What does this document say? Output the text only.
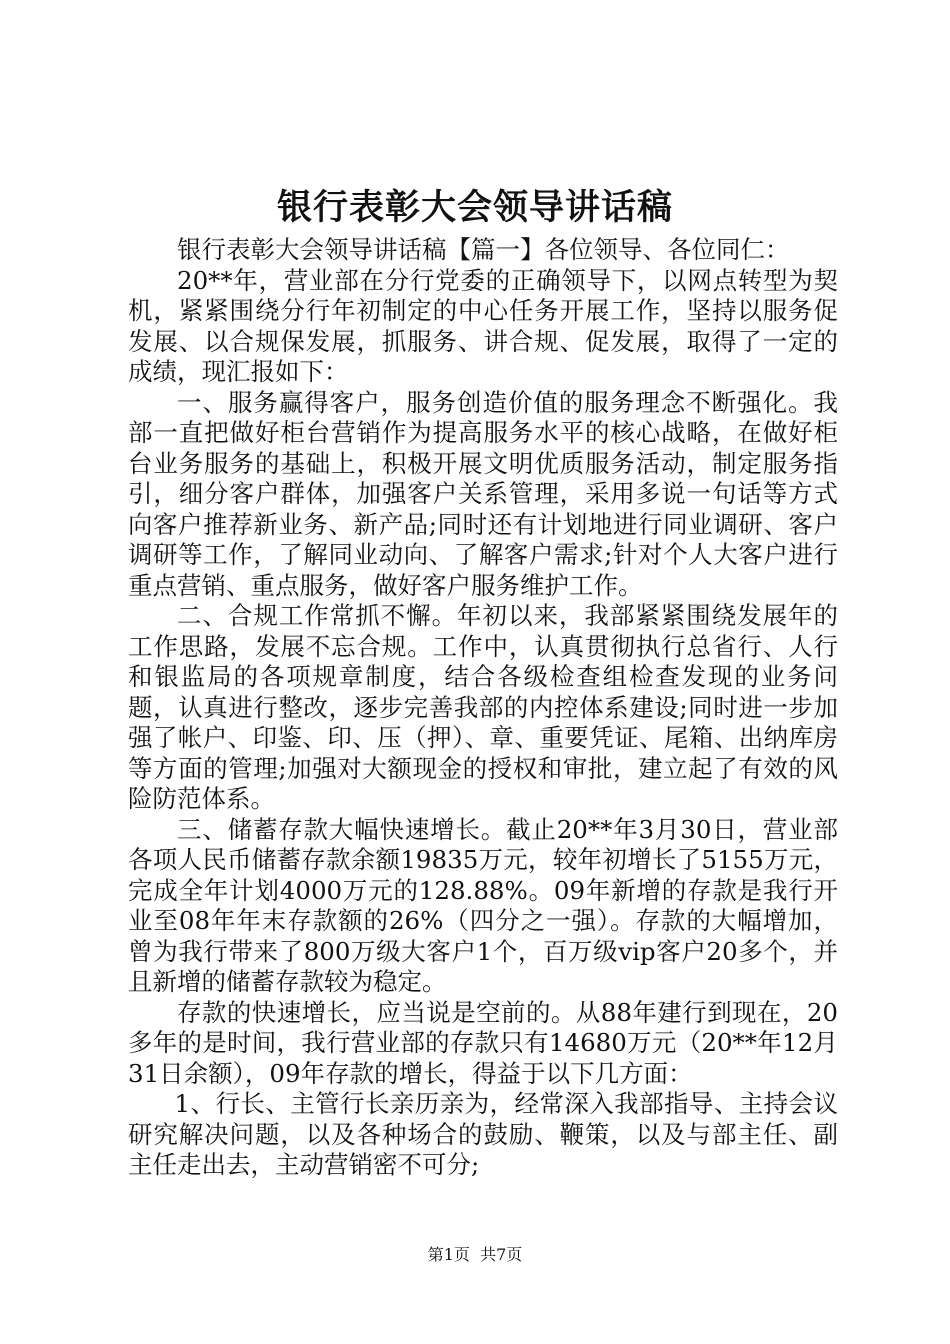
银行表彰大会领导讲话稿

银行表彰大会领导讲话稿【篇一】各位领导、各位同仁：

20**年，营业部在分行党委的正确领导下，以网点转型为契机，紧紧围绕分行年初制定的中心任务开展工作，坚持以服务促发展、以合规保发展，抓服务、讲合规、促发展，取得了一定的成绩，现汇报如下：

一、服务赢得客户，服务创造价值的服务理念不断强化。我部一直把做好柜台营销作为提高服务水平的核心战略，在做好柜台业务服务的基础上，积极开展文明优质服务活动，制定服务指引，细分客户群体，加强客户关系管理，采用多说一句话等方式向客户推荐新业务、新产品;同时还有计划地进行同业调研、客户调研等工作，了解同业动向、了解客户需求;针对个人大客户进行重点营销、重点服务，做好客户服务维护工作。

二、合规工作常抓不懈。年初以来，我部紧紧围绕发展年的工作思路，发展不忘合规。工作中，认真贯彻执行总省行、人行和银监局的各项规章制度，结合各级检查组检查发现的业务问题，认真进行整改，逐步完善我部的内控体系建设;同时进一步加强了帐户、印鉴、印、压（押）、章、重要凭证、尾箱、出纳库房等方面的管理;加强对大额现金的授权和审批，建立起了有效的风险防范体系。

三、储蓄存款大幅快速增长。截止20**年3月30日，营业部各项人民币储蓄存款余额19835万元，较年初增长了5155万元，完成全年计划4000万元的128.88%。09年新增的存款是我行开业至08年年末存款额的26%（四分之一强）。存款的大幅增加，曾为我行带来了800万级大客户1个，百万级vip客户20多个，并且新增的储蓄存款较为稳定。

存款的快速增长，应当说是空前的。从88年建行到现在，20多年的是时间，我行营业部的存款只有14680万元（20**年12月31日余额），09年存款的增长，得益于以下几方面：

1、行长、主管行长亲历亲为，经常深入我部指导、主持会议研究解决问题，以及各种场合的鼓励、鞭策，以及与部主任、副主任走出去，主动营销密不可分;

第1页  共7页
